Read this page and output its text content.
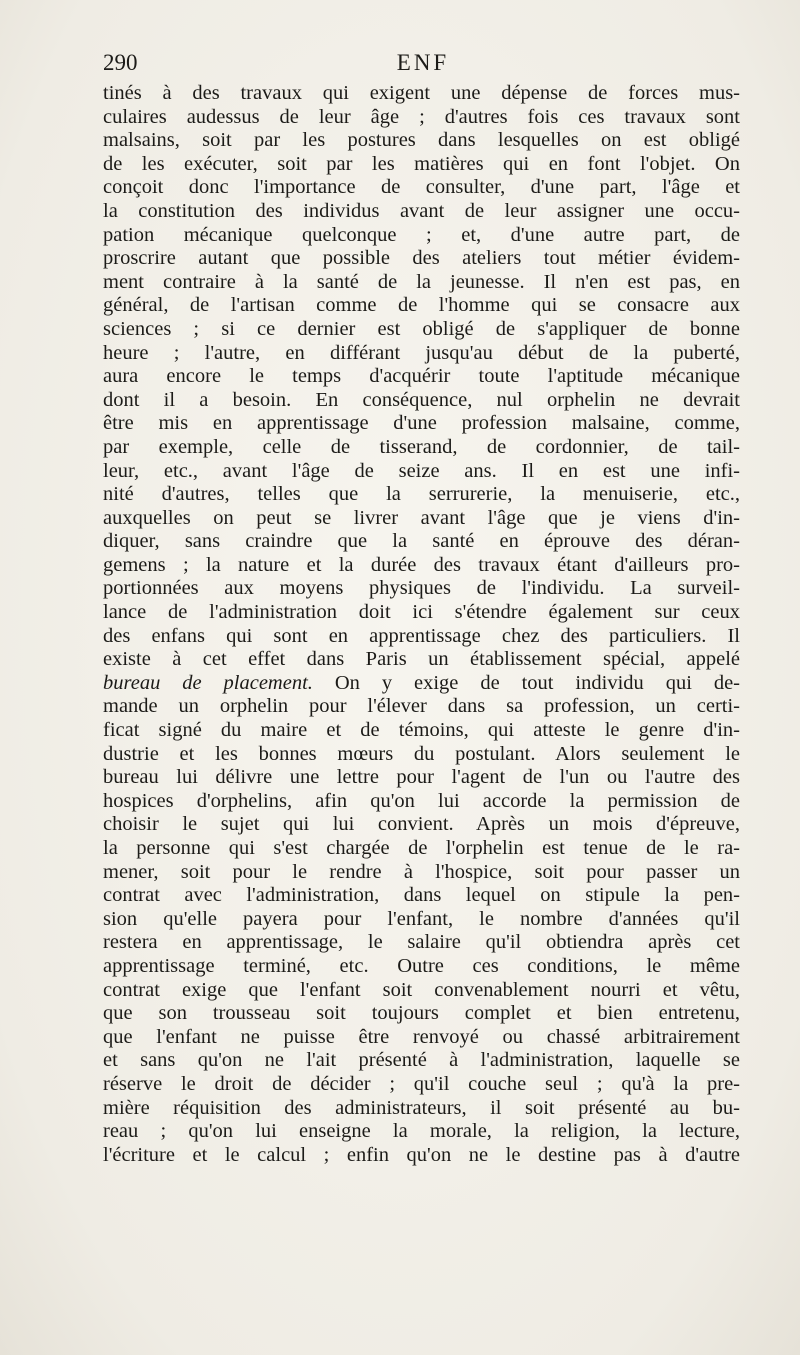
290	ENF
tinés à des travaux qui exigent une dépense de forces mus-
culaires audessus de leur âge ; d'autres fois ces travaux sont
malsains, soit par les postures dans lesquelles on est obligé
de les exécuter, soit par les matières qui en font l'objet. On
conçoit donc l'importance de consulter, d'une part, l'âge et
la constitution des individus avant de leur assigner une occu-
pation mécanique quelconque ; et, d'une autre part, de
proscrire autant que possible des ateliers tout métier évidem-
ment contraire à la santé de la jeunesse. Il n'en est pas, en
général, de l'artisan comme de l'homme qui se consacre aux
sciences ; si ce dernier est obligé de s'appliquer de bonne
heure ; l'autre, en différant jusqu'au début de la puberté,
aura encore le temps d'acquérir toute l'aptitude mécanique
dont il a besoin. En conséquence, nul orphelin ne devrait
être mis en apprentissage d'une profession malsaine, comme,
par exemple, celle de tisserand, de cordonnier, de tail-
leur, etc., avant l'âge de seize ans. Il en est une infi-
nité d'autres, telles que la serrurerie, la menuiserie, etc.,
auxquelles on peut se livrer avant l'âge que je viens d'in-
diquer, sans craindre que la santé en éprouve des déran-
gemens ; la nature et la durée des travaux étant d'ailleurs pro-
portionnées aux moyens physiques de l'individu. La surveil-
lance de l'administration doit ici s'étendre également sur ceux
des enfans qui sont en apprentissage chez des particuliers. Il
existe à cet effet dans Paris un établissement spécial, appelé
bureau de placement. On y exige de tout individu qui de-
mande un orphelin pour l'élever dans sa profession, un certi-
ficat signé du maire et de témoins, qui atteste le genre d'in-
dustrie et les bonnes mœurs du postulant. Alors seulement le
bureau lui délivre une lettre pour l'agent de l'un ou l'autre des
hospices d'orphelins, afin qu'on lui accorde la permission de
choisir le sujet qui lui convient. Après un mois d'épreuve,
la personne qui s'est chargée de l'orphelin est tenue de le ra-
mener, soit pour le rendre à l'hospice, soit pour passer un
contrat avec l'administration, dans lequel on stipule la pen-
sion qu'elle payera pour l'enfant, le nombre d'années qu'il
restera en apprentissage, le salaire qu'il obtiendra après cet
apprentissage terminé, etc. Outre ces conditions, le même
contrat exige que l'enfant soit convenablement nourri et vêtu,
que son trousseau soit toujours complet et bien entretenu,
que l'enfant ne puisse être renvoyé ou chassé arbitrairement
et sans qu'on ne l'ait présenté à l'administration, laquelle se
réserve le droit de décider ; qu'il couche seul ; qu'à la pre-
mière réquisition des administrateurs, il soit présenté au bu-
reau ; qu'on lui enseigne la morale, la religion, la lecture,
l'écriture et le calcul ; enfin qu'on ne le destine pas à d'autre
